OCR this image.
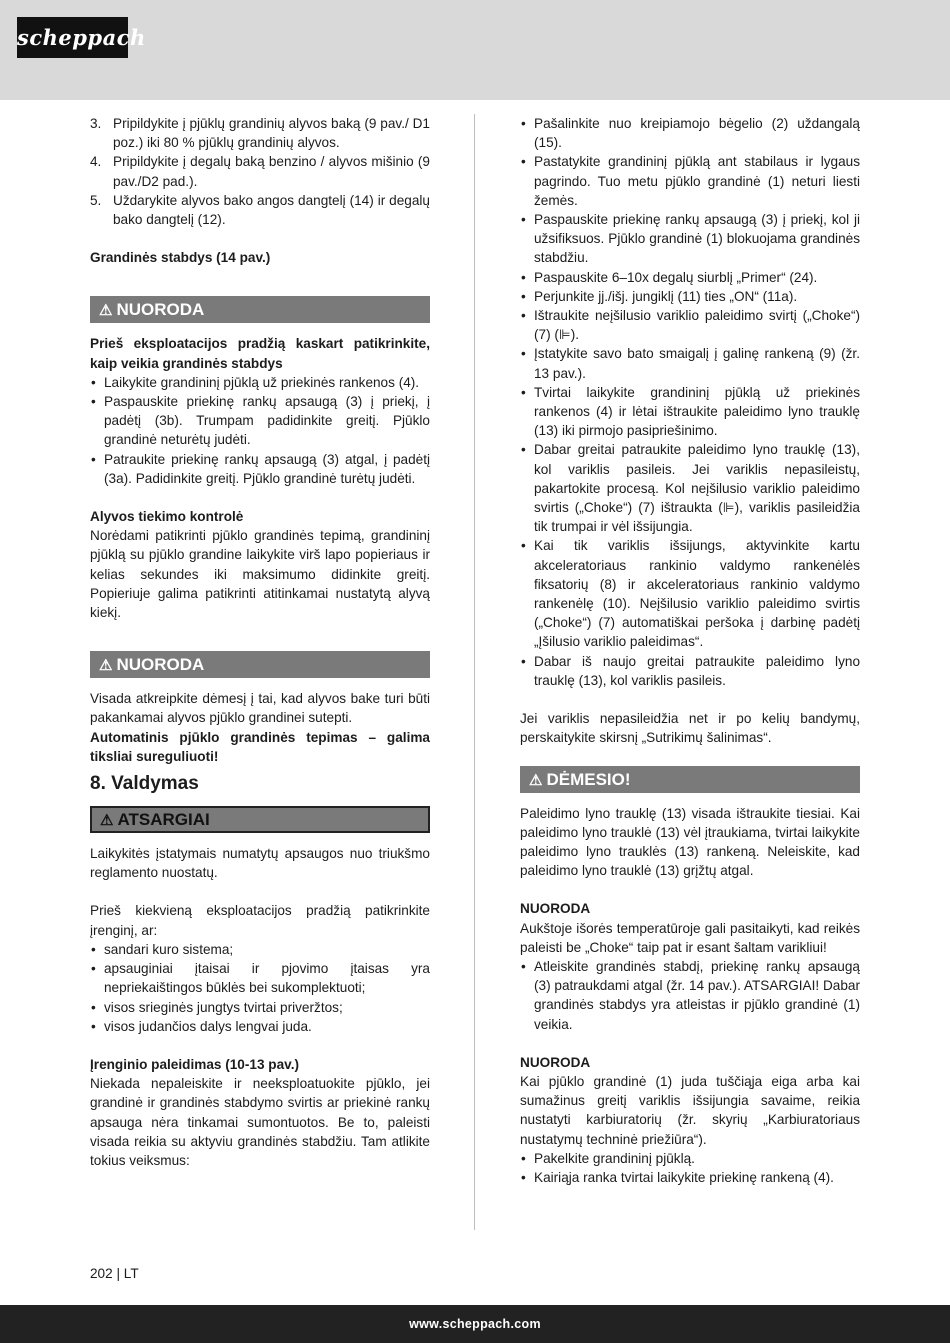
scheppach
3. Pripildykite į pjūklų grandinių alyvos baką (9 pav./ D1 poz.) iki 80 % pjūklų grandinių alyvos.
4. Pripildykite į degalų baką benzino / alyvos mišinio (9 pav./D2 pad.).
5. Uždarykite alyvos bako angos dangtelį (14) ir degalų bako dangtelį (12).

Grandinės stabdys (14 pav.)

⚠ NUORODA

Prieš eksploatacijos pradžią kaskart patikrinkite, kaip veikia grandinės stabdys

• Laikykite grandininį pjūklą už priekinės rankenos (4).
• Paspauskite priekinę rankų apsaugą (3) į priekį, į padėtį (3b). Trumpam padidinkite greitį. Pjūklo grandinė neturėtų judėti.
• Patraukite priekinę rankų apsaugą (3) atgal, į padėtį (3a). Padidinkite greitį. Pjūklo grandinė turėtų judėti.

Alyvos tiekimo kontrolė

Norėdami patikrinti pjūklo grandinės tepimą, grandininį pjūklą su pjūklo grandine laikykite virš lapo popieriaus ir kelias sekundes iki maksimumo didinkite greitį. Popieriuje galima patikrinti atitinkamai nustatytą alyvą kiekį.

⚠ NUORODA

Visada atkreipkite dėmesį į tai, kad alyvos bake turi būti pakankamai alyvos pjūklo grandinei sutepti.

Automatinis pjūklo grandinės tepimas – galima tiksliai sureguliuoti!

8. Valdymas
⚠ ATSARGIAI

Laikykitės įstatymais numatytų apsaugos nuo triukšmo reglamento nuostatų.

Prieš kiekvieną eksploatacijos pradžią patikrinkite įrenginį, ar:

• sandari kuro sistema;
• apsauginiai įtaisai ir pjovimo įtaisas yra nepriekaištingos būklės bei sukomplektuoti;
• visos srieginės jungtys tvirtai priveržtos;
• visos judančios dalys lengvai juda.

Įrenginio paleidimas (10-13 pav.)

Niekada nepaleiskite ir neeksploatuokite pjūklo, jei grandinė ir grandinės stabdymo svirtis ar priekinė rankų apsauga nėra tinkamai sumontuotos. Be to, paleisti visada reikia su aktyviu grandinės stabdžiu. Tam atlikite tokius veiksmus:

• Pašalinkite nuo kreipiamojo bėgelio (2) uždangalą (15).
• Pastatykite grandininį pjūklą ant stabilaus ir lygaus pagrindo. Tuo metu pjūklo grandinė (1) neturi liesti žemės.
• Paspauskite priekinę rankų apsaugą (3) į priekį, kol ji užsifiksuos. Pjūklo grandinė (1) blokuojama grandinės stabdžiu.
• Paspauskite 6–10x degalų siurblį „Primer“ (24).
• Perjunkite jj./išj. jungiklį (11) ties „ON“ (11a).
• Ištraukite neįšilusio variklio paleidimo svirtį („Choke“) (7) (⊫).
• Įstatykite savo bato smaigalį į galinę rankeną (9) (žr. 13 pav.).
• Tvirtai laikykite grandininį pjūklą už priekinės rankenos (4) ir lėtai ištraukite paleidimo lyno trauklę (13) iki pirmojo pasipriešinimo.
• Dabar greitai patraukite paleidimo lyno trauklę (13), kol variklis pasileis. Jei variklis nepasileistų, pakartokite procesą. Kol neįšilusio variklio paleidimo svirtis („Choke“) (7) ištraukta (⊫), variklis pasileidžia tik trumpai ir vėl išsijungia.
• Kai tik variklis išsijungs, aktyvinkite kartu akceleratoriaus rankinio valdymo rankenėlės fiksatorių (8) ir akceleratoriaus rankinio valdymo rankenėlę (10). Neįšilusio variklio paleidimo svirtis („Choke“) (7) automatiškai peršoka į darbinę padėtį „Įšilusio variklio paleidimas“.
• Dabar iš naujo greitai patraukite paleidimo lyno trauklę (13), kol variklis pasileis.

Jei variklis nepasileidžia net ir po kelių bandymų, perskaitykite skirsnį „Sutrikimų šalinimas“.

⚠ DĖMESIO!

Paleidimo lyno trauklę (13) visada ištraukite tiesiai. Kai paleidimo lyno trauklė (13) vėl įtraukiama, tvirtai laikykite paleidimo lyno trauklės (13) rankeną. Neleiskite, kad paleidimo lyno trauklė (13) grįžtų atgal.

NUORODA

Aukštoje išorės temperatūroje gali pasitaikyti, kad reikės paleisti be „Choke“ taip pat ir esant šaltam varikliui!

• Atleiskite grandinės stabdį, priekinę rankų apsaugą (3) patraukdami atgal (žr. 14 pav.). ATSARGIAI! Dabar grandinės stabdys yra atleistas ir pjūklo grandinė (1) veikia.

NUORODA

Kai pjūklo grandinė (1) juda tuščiąja eiga arba kai sumažinus greitį variklis išsijungia savaime, reikia nustatyti karbiuratorių (žr. skyrių „Karbiuratoriaus nustatymų techninė priežiūra“).

• Pakelkite grandininį pjūklą.
• Kairiąja ranka tvirtai laikykite priekinę rankeną (4).
202 | LT
www.scheppach.com
